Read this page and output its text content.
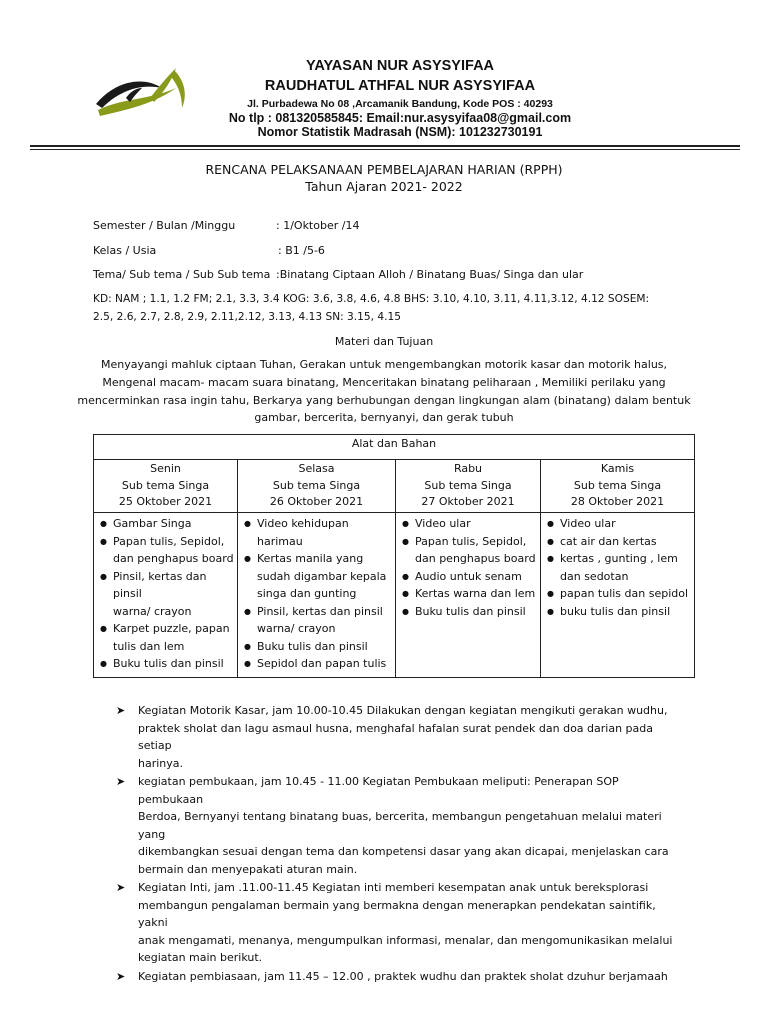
YAYASAN NUR ASYSYIFAA
RAUDHATUL ATHFAL NUR ASYSYIFAA
Jl. Purbadewa No 08 ,Arcamanik Bandung, Kode POS : 40293
No tlp : 081320585845: Email:nur.asysyifaa08@gmail.com
Nomor Statistik Madrasah (NSM): 101232730191
RENCANA PELAKSANAAN PEMBELAJARAN HARIAN (RPPH)
Tahun Ajaran 2021- 2022
Semester / Bulan /Minggu	: 1/Oktober /14
Kelas / Usia	: B1 /5-6
Tema/ Sub tema / Sub Sub tema :Binatang Ciptaan Alloh / Binatang Buas/ Singa dan ular
KD: NAM ; 1.1, 1.2 FM; 2.1, 3.3, 3.4 KOG: 3.6, 3.8, 4.6, 4.8 BHS: 3.10, 4.10, 3.11, 4.11,3.12, 4.12 SOSEM:
2.5, 2.6, 2.7, 2.8, 2.9, 2.11,2.12, 3.13, 4.13 SN: 3.15, 4.15
Materi dan Tujuan
Menyayangi mahluk ciptaan Tuhan, Gerakan untuk mengembangkan motorik kasar dan motorik halus,
Mengenal macam- macam suara binatang, Menceritakan binatang peliharaan , Memiliki perilaku yang
mencerminkan rasa ingin tahu, Berkarya yang berhubungan dengan lingkungan alam (binatang) dalam bentuk
gambar, bercerita, bernyanyi, dan gerak tubuh
Alat dan Bahan
Senin
Sub tema Singa
25 Oktober 2021
Selasa
Sub tema Singa
26 Oktober 2021
Rabu
Sub tema Singa
27 Oktober 2021
Kamis
Sub tema Singa
28 Oktober 2021
● Gambar Singa
● Papan tulis, Sepidol,
dan penghapus board
● Pinsil, kertas dan pinsil
warna/ crayon
● Karpet puzzle, papan
tulis dan lem
● Buku tulis dan pinsil
● Video kehidupan
harimau
● Kertas manila yang
sudah digambar kepala
singa dan gunting
● Pinsil, kertas dan pinsil
warna/ crayon
● Buku tulis dan pinsil
● Sepidol dan papan tulis
● Video ular
● Papan tulis, Sepidol,
dan penghapus board
● Audio untuk senam
● Kertas warna dan lem
● Buku tulis dan pinsil
● Video ular
● cat air dan kertas
● kertas , gunting , lem
dan sedotan
● papan tulis dan sepidol
● buku tulis dan pinsil
➤ Kegiatan Motorik Kasar, jam 10.00-10.45 Dilakukan dengan kegiatan mengikuti gerakan wudhu,
praktek sholat dan lagu asmaul husna, menghafal hafalan surat pendek dan doa darian pada setiap
harinya.
➤ kegiatan pembukaan, jam 10.45 - 11.00 Kegiatan Pembukaan meliputi: Penerapan SOP pembukaan
Berdoa, Bernyanyi tentang binatang buas, bercerita, membangun pengetahuan melalui materi yang
dikembangkan sesuai dengan tema dan kompetensi dasar yang akan dicapai, menjelaskan cara
bermain dan menyepakati aturan main.
➤ Kegiatan Inti, jam .11.00-11.45 Kegiatan inti memberi kesempatan anak untuk bereksplorasi
membangun pengalaman bermain yang bermakna dengan menerapkan pendekatan saintifik, yakni
anak mengamati, menanya, mengumpulkan informasi, menalar, dan mengomunikasikan melalui
kegiatan main berikut.
➤ Kegiatan pembiasaan, jam 11.45 – 12.00 , praktek wudhu dan praktek sholat dzuhur berjamaah
